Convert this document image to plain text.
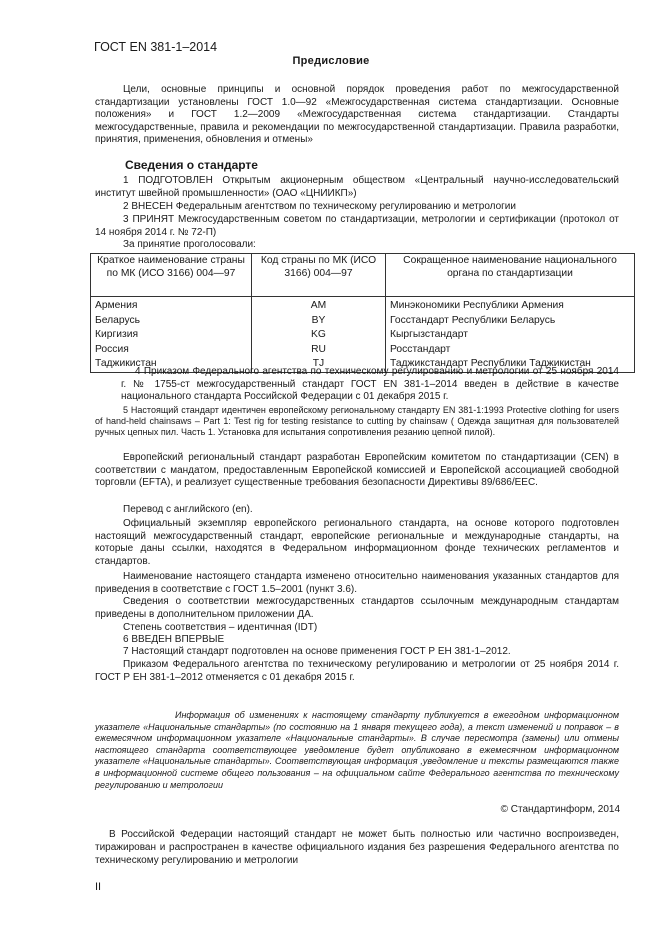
ГОСТ EN 381-1–2014
Предисловие
Цели, основные принципы и основной порядок проведения работ по межгосударственной стандартизации установлены ГОСТ 1.0—92 «Межгосударственная система стандартизации. Основные положения» и ГОСТ 1.2—2009 «Межгосударственная система стандартизации. Стандарты межгосударственные, правила и рекомендации по межгосударственной стандартизации. Правила разработки, принятия, применения, обновления и отмены»
Сведения о стандарте
1 ПОДГОТОВЛЕН Открытым акционерным обществом «Центральный научно-исследовательский институт швейной промышленности» (ОАО «ЦНИИКП»)
2 ВНЕСЕН Федеральным агентством по техническому регулированию и метрологии
3 ПРИНЯТ Межгосударственным советом по стандартизации, метрологии и сертификации (протокол от 14 ноября 2014 г. № 72-П)
За принятие проголосовали:
Краткое наименование страны по МК (ИСО 3166) 004—97	Код страны по МК (ИСО 3166) 004—97	Сокращенное наименование национального органа по стандартизации
Армения	AM	Минэкономики Республики Армения
Беларусь	BY	Госстандарт Республики Беларусь
Киргизия	KG	Кыргызстандарт
Россия	RU	Росстандарт
Таджикистан	TJ	Таджикстандарт Республики Таджикистан
4 Приказом Федерального агентства по техническому регулированию и метрологии от 25 ноября 2014 г. № 1755-ст межгосударственный стандарт ГОСТ EN 381-1–2014 введен в действие в качестве национального стандарта Российской Федерации с 01 декабря 2015 г.
5 Настоящий стандарт идентичен европейскому региональному стандарту EN 381-1:1993 Protective clothing for users of hand-held chainsaws – Part 1: Test rig for testing resistance to cutting by chainsaw ( Одежда защитная для пользователей ручных цепных пил. Часть 1. Установка для испытания сопротивления резанию цепной пилой).
Европейский региональный стандарт разработан Европейским комитетом по стандартизации (CEN) в соответствии с мандатом, предоставленным Европейской комиссией и Европейской ассоциацией свободной торговли (EFTA), и реализует существенные требования безопасности Директивы 89/686/EEC.
Перевод с английского (en).
Официальный экземпляр европейского регионального стандарта, на основе которого подготовлен настоящий межгосударственный стандарт, европейские региональные и международные стандарты, на которые даны ссылки, находятся в Федеральном информационном фонде технических регламентов и стандартов.
Наименование настоящего стандарта изменено относительно наименования указанных стандартов для приведения в соответствие с ГОСТ 1.5–2001 (пункт 3.6).
Сведения о соответствии межгосударственных стандартов ссылочным международным стандартам приведены в дополнительном приложении ДА.
Степень соответствия – идентичная (IDT)
6 ВВЕДЕН ВПЕРВЫЕ
7 Настоящий стандарт подготовлен на основе применения ГОСТ Р ЕН 381-1–2012.
Приказом Федерального агентства по техническому регулированию и метрологии от 25 ноября 2014 г. ГОСТ Р ЕН 381-1–2012 отменяется с 01 декабря 2015 г.
Информация об изменениях к настоящему стандарту публикуется в ежегодном информационном указателе «Национальные стандарты» (по состоянию на 1 января текущего года), а текст изменений и поправок – в ежемесячном информационном указателе «Национальные стандарты». В случае пересмотра (замены) или отмены настоящего стандарта соответствующее уведомление будет опубликовано в ежемесячном информационном указателе «Национальные стандарты». Соответствующая информация ,уведомление и тексты размещаются также в информационной системе общего пользования – на официальном сайте Федерального агентства по техническому регулированию и метрологии
© Стандартинформ, 2014
В Российской Федерации настоящий стандарт не может быть полностью или частично воспроизведен, тиражирован и распространен в качестве официального издания без разрешения Федерального агентства по техническому регулированию и метрологии
II
